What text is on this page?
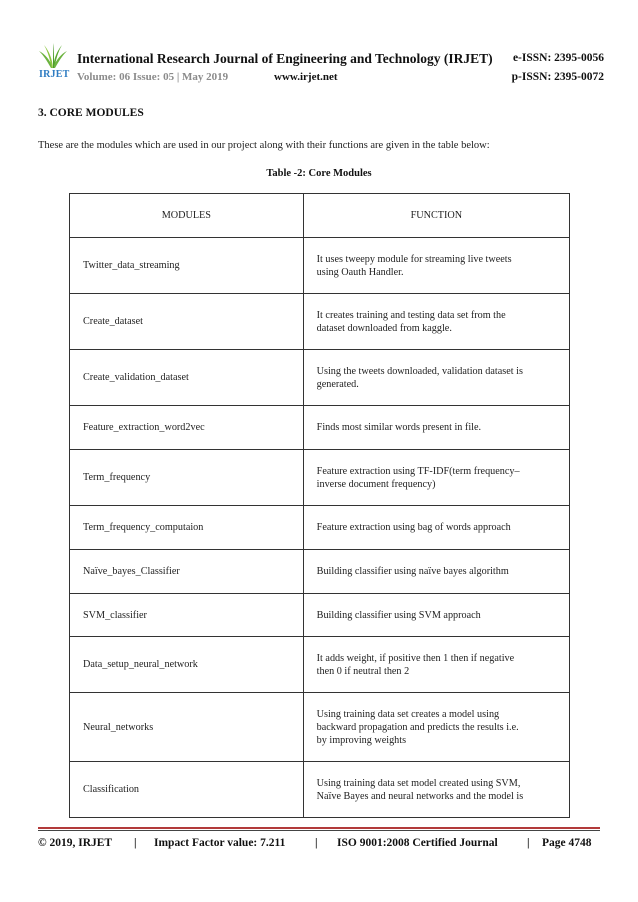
IRJET
International Research Journal of Engineering and Technology (IRJET) e-ISSN: 2395-0056
Volume: 06 Issue: 05 | May 2019	www.irjet.net	p-ISSN: 2395-0072
3. CORE MODULES
These are the modules which are used in our project along with their functions are given in the table below:
Table -2: Core Modules
MODULES	FUNCTION
Twitter_data_streaming	It uses tweepy module for streaming live tweets
using Oauth Handler.

Create_dataset	It creates training and testing data set from the
dataset downloaded from kaggle.

Create_validation_dataset	Using the tweets downloaded, validation dataset is
generated.

Feature_extraction_word2vec	Finds most similar words present in file.

Term_frequency	Feature extraction using TF-IDF(term frequency–
inverse document frequency)

Term_frequency_computaion	Feature extraction using bag of words approach

Naïve_bayes_Classifier	Building classifier using naïve bayes algorithm

SVM_classifier	Building classifier using SVM approach

Data_setup_neural_network	It adds weight, if positive then 1 then if negative
then 0 if neutral then 2

Neural_networks	Using training data set creates a model using
backward propagation and predicts the results i.e.
by improving weights

Classification	Using training data set model created using SVM,
Naïve Bayes and neural networks and the model is
© 2019, IRJET | Impact Factor value: 7.211	| ISO 9001:2008 Certified Journal	| Page 4748
